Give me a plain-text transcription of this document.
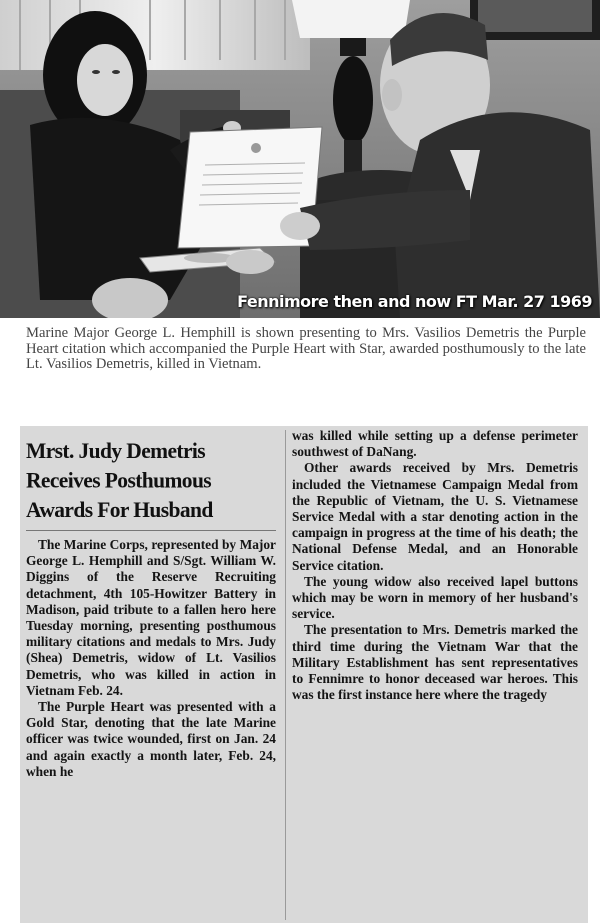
Fennimore then and now FT Mar. 27 1969
Marine Major George L. Hemphill is shown presenting to Mrs. Vasilios Demetris the Purple Heart citation which accompanied the Purple Heart with Star, awarded posthumously to the late Lt. Vasilios Demetris, killed in Vietnam.
Mrst. Judy Demetris
Receives Posthumous
Awards For Husband

The Marine Corps, represented by Major George L. Hemphill and S/Sgt. William W. Diggins of the Reserve Recruiting detachment, 4th 105-Howitzer Battery in Madison, paid tribute to a fallen hero here Tuesday morning, presenting posthumous military citations and medals to Mrs. Judy (Shea) Demetris, widow of Lt. Vasilios Demetris, who was killed in action in Vietnam Feb. 24.

The Purple Heart was presented with a Gold Star, denoting that the late Marine officer was twice wounded, first on Jan. 24 and again exactly a month later, Feb. 24, when he

was killed while setting up a defense perimeter southwest of DaNang.

Other awards received by Mrs. Demetris included the Vietnamese Campaign Medal from the Republic of Vietnam, the U. S. Vietnamese Service Medal with a star denoting action in the campaign in progress at the time of his death; the National Defense Medal, and an Honorable Service citation.

The young widow also received lapel buttons which may be worn in memory of her husband's service.

The presentation to Mrs. Demetris marked the third time during the Vietnam War that the Military Establishment has sent representatives to Fennimre to honor deceased war heroes. This was the first instance here where the tragedy
